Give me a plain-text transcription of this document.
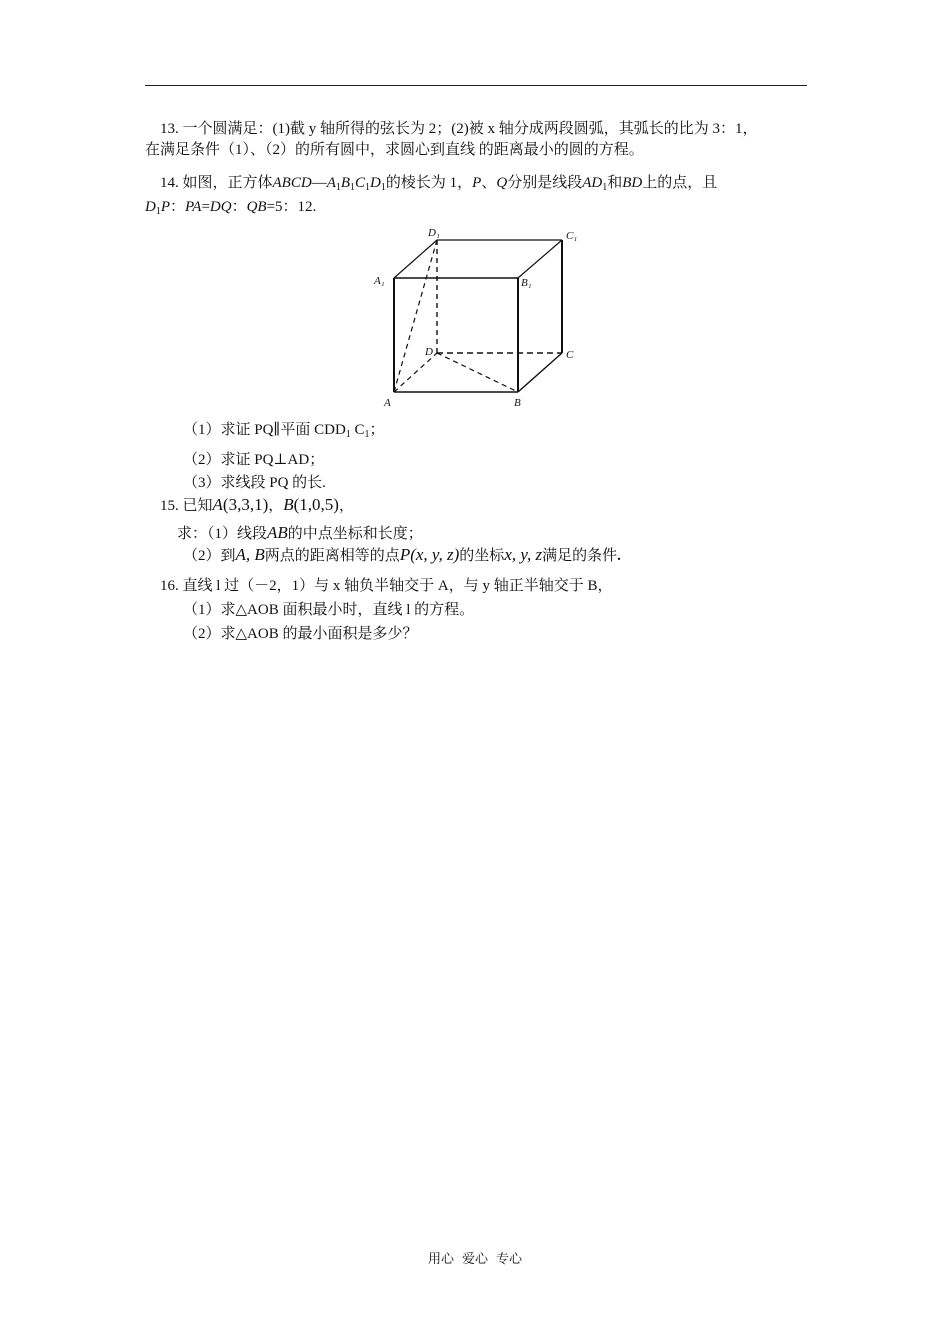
13. 一个圆满足：(1)截 y 轴所得的弦长为 2；(2)被 x 轴分成两段圆弧，其弧长的比为 3：1，
在满足条件（1）、（2）的所有圆中，求圆心到直线 的距离最小的圆的方程。
14. 如图，正方体$ABCD—A_1B_1C_1D_1$的棱长为 1，P、Q分别是线段$AD_1$和BD上的点，且
$D_1P$：PA=DQ：QB=5：12.
D₁	C₁
A₁	B₁
D	C
A	B
（1）求证 PQ∥平面 $CDD_1$ $C_1$；
（2）求证 PQ⊥AD；
（3）求线段 PQ 的长.
15. 已知A(3,3,1)，B(1,0,5)，
求：（1）线段AB的中点坐标和长度；
（2）到A, B两点的距离相等的点P(x, y, z)的坐标x, y, z满足的条件.
16. 直线 l 过（－2，1）与 x 轴负半轴交于 A，与 y 轴正半轴交于 B，
（1）求△AOB 面积最小时，直线 l 的方程。
（2）求△AOB 的最小面积是多少？
用心 爱心 专心
